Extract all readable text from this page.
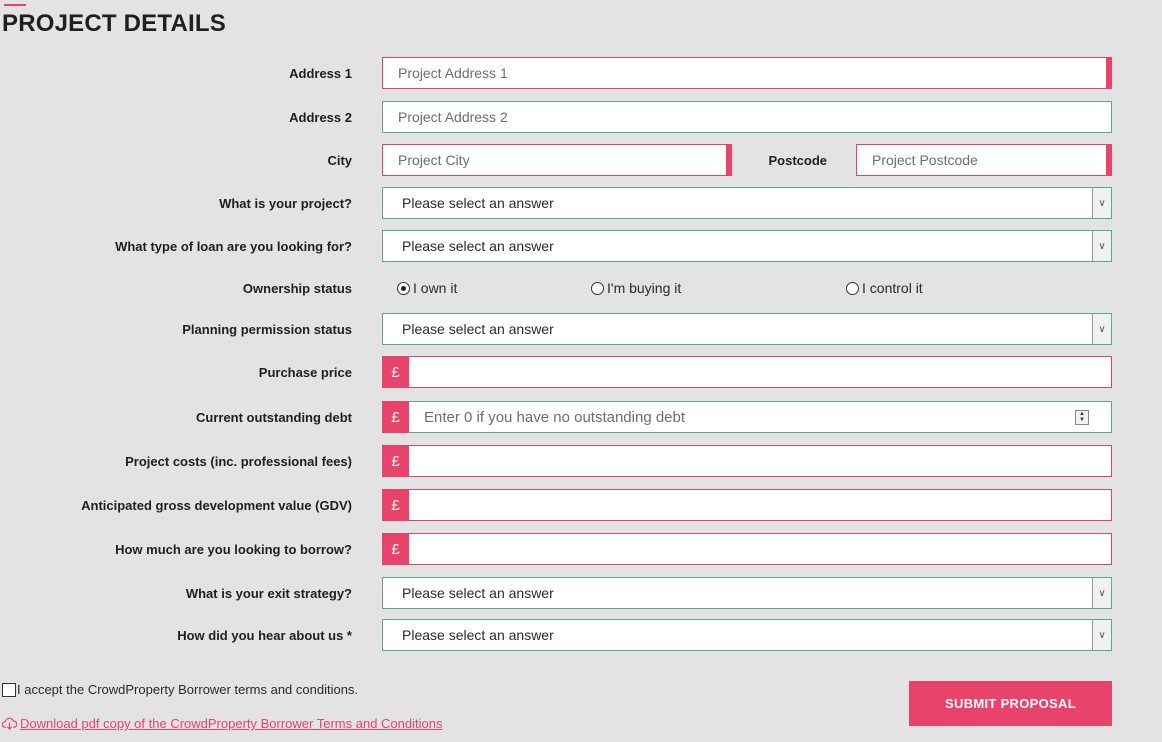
PROJECT DETAILS
Address 1	Project Address 1
Address 2	Project Address 2
City	Project City	Postcode	Project Postcode
What is your project?	Please select an answer	∨
What type of loan are you looking for?	Please select an answer	∨
Ownership status	I own it	I'm buying it	I control it
Planning permission status	Please select an answer	∨
Purchase price	£
Current outstanding debt	£	Enter 0 if you have no outstanding debt	▲
▼
Project costs (inc. professional fees)	£
Anticipated gross development value (GDV)	£
How much are you looking to borrow?	£
What is your exit strategy?	Please select an answer	∨
How did you hear about us *	Please select an answer	∨
I accept the CrowdProperty Borrower terms and conditions.
Download pdf copy of the CrowdProperty Borrower Terms and Conditions
SUBMIT PROPOSAL
